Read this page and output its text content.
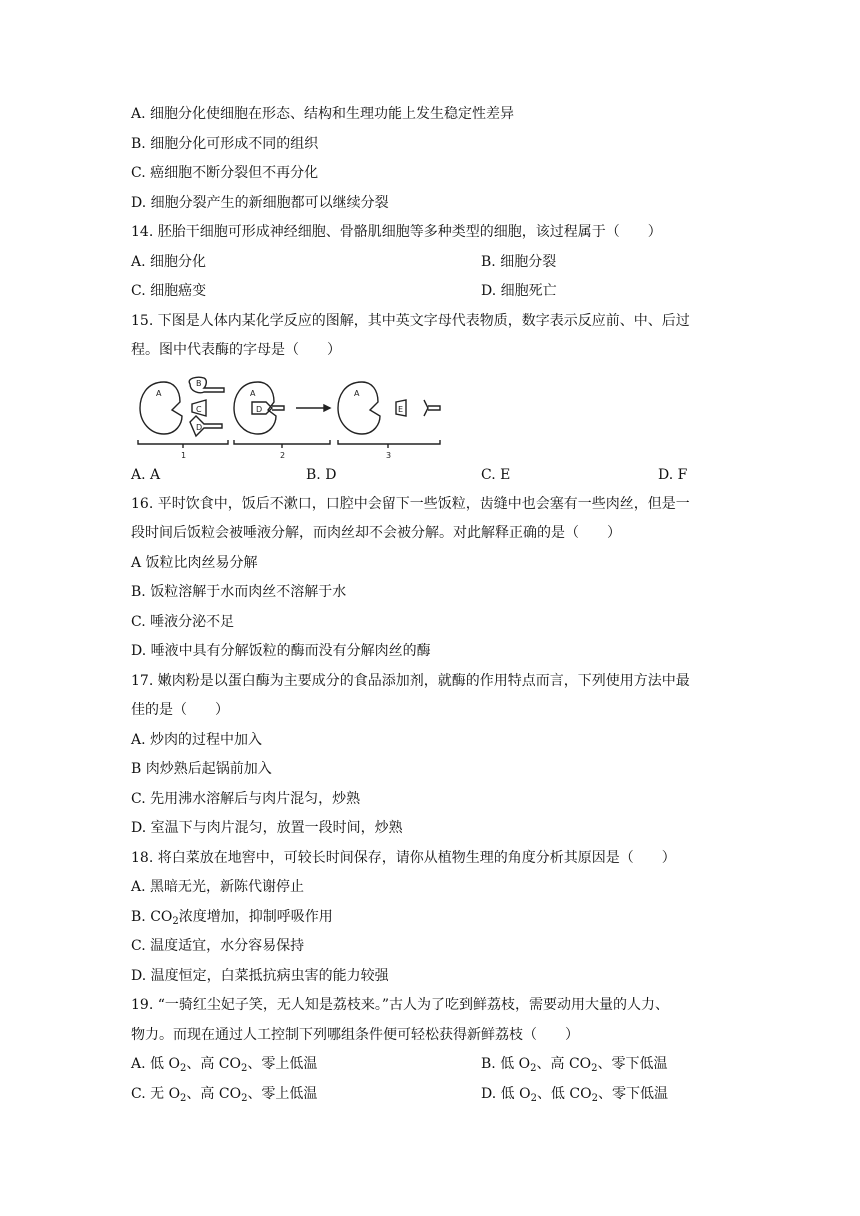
A. 细胞分化使细胞在形态、结构和生理功能上发生稳定性差异
B. 细胞分化可形成不同的组织
C. 癌细胞不断分裂但不再分化
D. 细胞分裂产生的新细胞都可以继续分裂
14. 胚胎干细胞可形成神经细胞、骨骼肌细胞等多种类型的细胞，该过程属于（　　）
A. 细胞分化	B. 细胞分裂
C. 细胞癌变	D. 细胞死亡
15. 下图是人体内某化学反应的图解，其中英文字母代表物质，数字表示反应前、中、后过
程。图中代表酶的字母是（　　）
A
B
C
D
A
D
A
E
1	2	3
A. A	B. D	C. E	D. F
16. 平时饮食中，饭后不漱口，口腔中会留下一些饭粒，齿缝中也会塞有一些肉丝，但是一
段时间后饭粒会被唾液分解，而肉丝却不会被分解。对此解释正确的是（　　）
A 饭粒比肉丝易分解
B. 饭粒溶解于水而肉丝不溶解于水
C. 唾液分泌不足
D. 唾液中具有分解饭粒的酶而没有分解肉丝的酶
17. 嫩肉粉是以蛋白酶为主要成分的食品添加剂，就酶的作用特点而言，下列使用方法中最
佳的是（　　）
A. 炒肉的过程中加入
B 肉炒熟后起锅前加入
C. 先用沸水溶解后与肉片混匀，炒熟
D. 室温下与肉片混匀，放置一段时间，炒熟
18. 将白菜放在地窖中，可较长时间保存，请你从植物生理的角度分析其原因是（　　）
A. 黑暗无光，新陈代谢停止
B. $CO_2$浓度增加，抑制呼吸作用
C. 温度适宜，水分容易保持
D. 温度恒定，白菜抵抗病虫害的能力较强
19. “一骑红尘妃子笑，无人知是荔枝来。”古人为了吃到鲜荔枝，需要动用大量的人力、
物力。而现在通过人工控制下列哪组条件便可轻松获得新鲜荔枝（　　）
A. 低 $O_2$、高 $CO_2$、零上低温	B. 低 $O_2$、高 $CO_2$、零下低温
C. 无 $O_2$、高 $CO_2$、零上低温	D. 低 $O_2$、低 $CO_2$、零下低温
